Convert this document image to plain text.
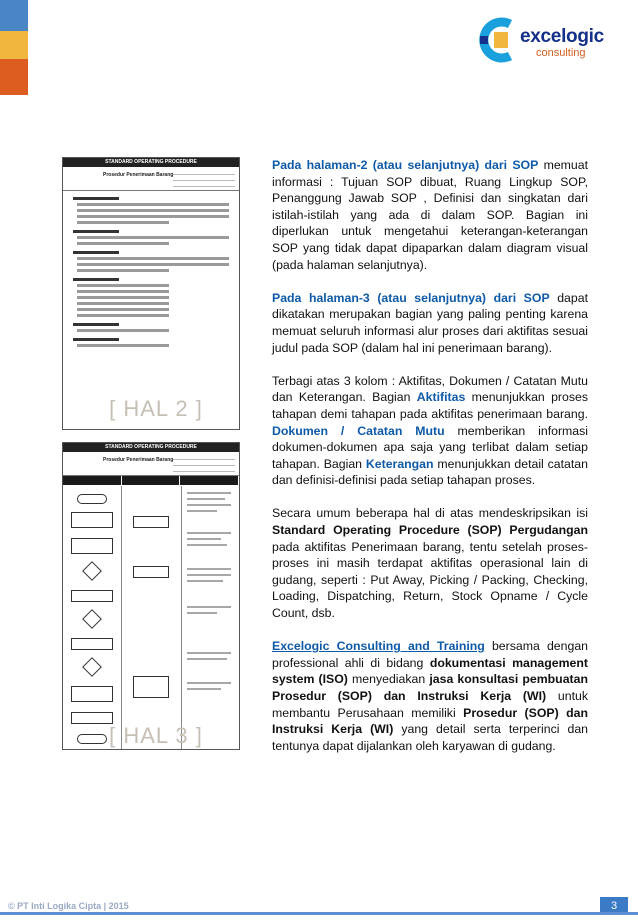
excelogic
consulting
STANDARD OPERATING PROCEDURE
Prosedur Penerimaan Barang
[ HAL 2 ]
STANDARD OPERATING PROCEDURE
Prosedur Penerimaan Barang
[ HAL 3 ]

Pada halaman-2 (atau selanjutnya) dari SOP memuat informasi : Tujuan SOP dibuat, Ruang Lingkup SOP, Penanggung Jawab SOP , Definisi dan singkatan dari istilah-istilah yang ada di dalam SOP. Bagian ini diperlukan untuk mengetahui keterangan-keterangan SOP yang tidak dapat dipaparkan dalam diagram visual (pada halaman selanjutnya).

Pada halaman-3 (atau selanjutnya) dari SOP dapat dikatakan merupakan bagian yang paling penting karena memuat seluruh informasi alur proses dari aktifitas sesuai judul pada SOP (dalam hal ini penerimaan barang).

Terbagi atas 3 kolom : Aktifitas, Dokumen / Catatan Mutu dan Keterangan. Bagian Aktifitas menunjukkan proses tahapan demi tahapan pada aktifitas penerimaan barang. Dokumen / Catatan Mutu memberikan informasi dokumen-dokumen apa saja yang terlibat dalam setiap tahapan. Bagian Keterangan menunjukkan detail catatan dan definisi-definisi pada setiap tahapan proses.

Secara umum beberapa hal di atas mendeskripsikan isi Standard Operating Procedure (SOP) Pergudangan pada aktifitas Penerimaan barang, tentu setelah proses-proses ini masih terdapat aktifitas operasional lain di gudang, seperti : Put Away, Picking / Packing, Checking, Loading, Dispatching, Return, Stock Opname / Cycle Count, dsb.

Excelogic Consulting and Training bersama dengan professional ahli di bidang dokumentasi management system (ISO) menyediakan jasa konsultasi pembuatan Prosedur (SOP) dan Instruksi Kerja (WI) untuk membantu Perusahaan memiliki Prosedur (SOP) dan Instruksi Kerja (WI) yang detail serta terperinci dan tentunya dapat dijalankan oleh karyawan di gudang.

© PT Inti Logika Cipta | 2015	3
